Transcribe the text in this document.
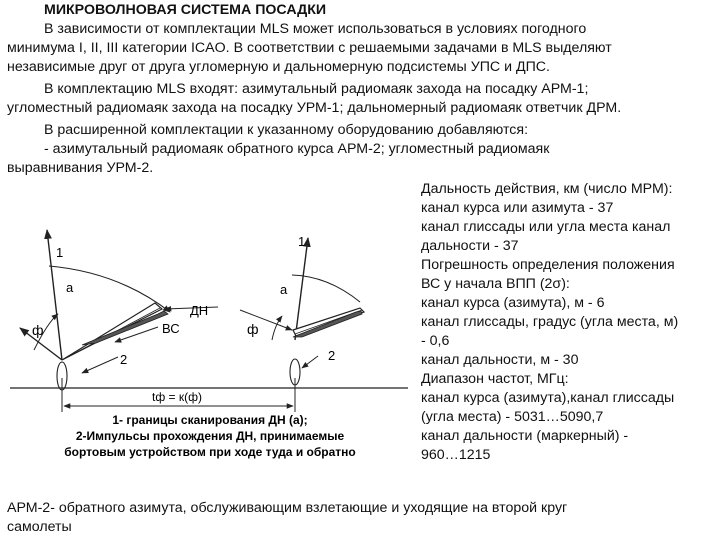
МИКРОВОЛНОВАЯ СИСТЕМА ПОСАДКИ
В зависимости от комплектации MLS может использоваться в условиях погодного
минимума I, II, III категории ICAO. В соответствии с решаемыми задачами в MLS выделяют
независимые друг от друга угломерную и дальномерную подсистемы УПС и ДПС.
В комплектацию MLS входят: азимутальный радиомаяк захода на посадку АРМ-1;
угломестный радиомаяк захода на посадку УРМ-1; дальномерный радиомаяк ответчик ДРМ.
В расширенной комплектации к указанному оборудованию добавляются:
- азимутальный радиомаяк обратного курса АРМ-2; угломестный радиомаяк
выравнивания УРМ-2.
Дальность действия, км (число МРМ):
канал курса или азимута - 37
канал глиссады или угла места канал
дальности - 37
Погрешность определения положения
ВС у начала ВПП (2σ):
канал курса (азимута), м - 6
канал глиссады, градус (угла места, м)
- 0,6
канал дальности, м - 30
Диапазон частот, МГц:
канал курса (азимута),канал глиссады
(угла места) - 5031…5090,7
канал дальности (маркерный) -
960…1215
1
а
ф
ДН
ВС
2
1
а
ф
2
tф = к(ф)
1- границы сканирования ДН (а);
2-Импульсы прохождения ДН, принимаемые
бортовым устройством при ходе туда и обратно
АРМ-2- обратного азимута, обслуживающим взлетающие и уходящие на второй круг
самолеты
